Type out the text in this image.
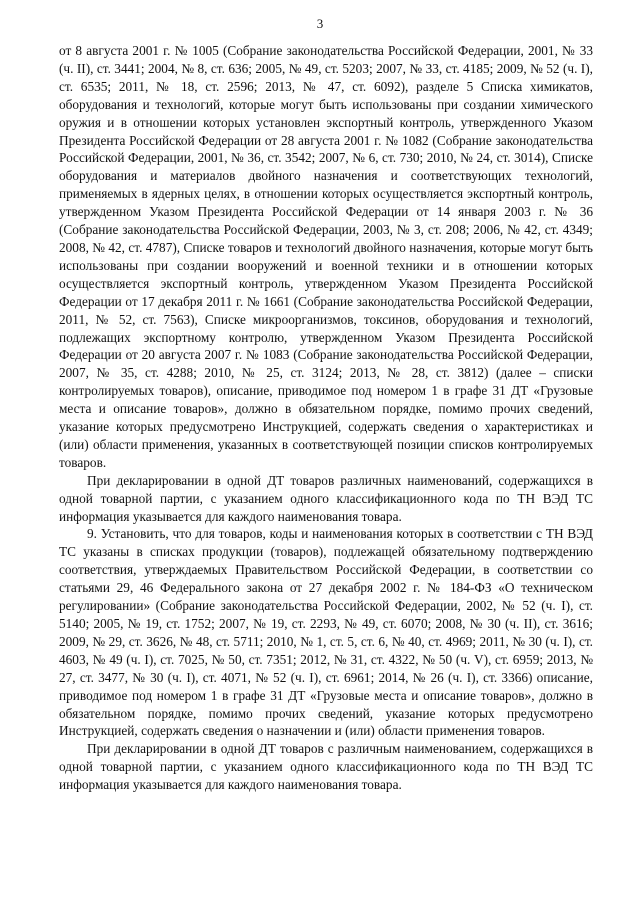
3

от 8 августа 2001 г. № 1005 (Собрание законодательства Российской Федерации, 2001, № 33 (ч. II), ст. 3441; 2004, № 8, ст. 636; 2005, № 49, ст. 5203; 2007, № 33, ст. 4185; 2009, № 52 (ч. I), ст. 6535; 2011, № 18, ст. 2596; 2013, № 47, ст. 6092), разделе 5 Списка химикатов, оборудования и технологий, которые могут быть использованы при создании химического оружия и в отношении которых установлен экспортный контроль, утвержденного Указом Президента Российской Федерации от 28 августа 2001 г. № 1082 (Собрание законодательства Российской Федерации, 2001, № 36, ст. 3542; 2007, № 6, ст. 730; 2010, № 24, ст. 3014), Списке оборудования и материалов двойного назначения и соответствующих технологий, применяемых в ядерных целях, в отношении которых осуществляется экспортный контроль, утвержденном Указом Президента Российской Федерации от 14 января 2003 г. № 36 (Собрание законодательства Российской Федерации, 2003, № 3, ст. 208; 2006, № 42, ст. 4349; 2008, № 42, ст. 4787), Списке товаров и технологий двойного назначения, которые могут быть использованы при создании вооружений и военной техники и в отношении которых осуществляется экспортный контроль, утвержденном Указом Президента Российской Федерации от 17 декабря 2011 г. № 1661 (Собрание законодательства Российской Федерации, 2011, № 52, ст. 7563), Списке микроорганизмов, токсинов, оборудования и технологий, подлежащих экспортному контролю, утвержденном Указом Президента Российской Федерации от 20 августа 2007 г. № 1083 (Собрание законодательства Российской Федерации, 2007, № 35, ст. 4288; 2010, № 25, ст. 3124; 2013, № 28, ст. 3812) (далее – списки контролируемых товаров), описание, приводимое под номером 1 в графе 31 ДТ «Грузовые места и описание товаров», должно в обязательном порядке, помимо прочих сведений, указание которых предусмотрено Инструкцией, содержать сведения о характеристиках и (или) области применения, указанных в соответствующей позиции списков контролируемых товаров.

При декларировании в одной ДТ товаров различных наименований, содержащихся в одной товарной партии, с указанием одного классификационного кода по ТН ВЭД ТС информация указывается для каждого наименования товара.

9. Установить, что для товаров, коды и наименования которых в соответствии с ТН ВЭД ТС указаны в списках продукции (товаров), подлежащей обязательному подтверждению соответствия, утверждаемых Правительством Российской Федерации, в соответствии со статьями 29, 46 Федерального закона от 27 декабря 2002 г. № 184-ФЗ «О техническом регулировании» (Собрание законодательства Российской Федерации, 2002, № 52 (ч. I), ст. 5140; 2005, № 19, ст. 1752; 2007, № 19, ст. 2293, № 49, ст. 6070; 2008, № 30 (ч. II), ст. 3616; 2009, № 29, ст. 3626, № 48, ст. 5711; 2010, № 1, ст. 5, ст. 6, № 40, ст. 4969; 2011, № 30 (ч. I), ст. 4603, № 49 (ч. I), ст. 7025, № 50, ст. 7351; 2012, № 31, ст. 4322, № 50 (ч. V), ст. 6959; 2013, № 27, ст. 3477, № 30 (ч. I), ст. 4071, № 52 (ч. I), ст. 6961; 2014, № 26 (ч. I), ст. 3366) описание, приводимое под номером 1 в графе 31 ДТ «Грузовые места и описание товаров», должно в обязательном порядке, помимо прочих сведений, указание которых предусмотрено Инструкцией, содержать сведения о назначении и (или) области применения товаров.

При декларировании в одной ДТ товаров с различным наименованием, содержащихся в одной товарной партии, с указанием одного классификационного кода по ТН ВЭД ТС информация указывается для каждого наименования товара.
